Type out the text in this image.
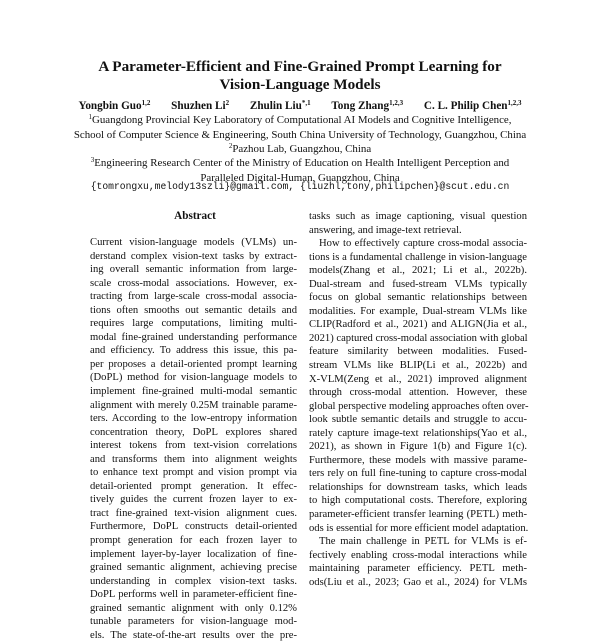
A Parameter-Efficient and Fine-Grained Prompt Learning for
Vision-Language Models
Yongbin Guo$^{1,2}$ Shuzhen Li$^2$ Zhulin Liu$^{*,1}$ Tong Zhang$^{1,2,3}$ C. L. Philip Chen$^{1,2,3}$
$^1$Guangdong Provincial Key Laboratory of Computational AI Models and Cognitive Intelligence,
School of Computer Science & Engineering, South China University of Technology, Guangzhou, China
$^2$Pazhou Lab, Guangzhou, China
$^3$Engineering Research Center of the Ministry of Education on Health Intelligent Perception and
Paralleled Digital-Human, Guangzhou, China
{tomrongxu,melody13szli}@gmail.com, {liuzhl,tony,philipchen}@scut.edu.cn
Abstract
Current vision-language models (VLMs) un-
derstand complex vision-text tasks by extract-
ing overall semantic information from large-
scale cross-modal associations. However, ex-
tracting from large-scale cross-modal associa-
tions often smooths out semantic details and
requires large computations, limiting multi-
modal fine-grained understanding performance
and efficiency. To address this issue, this pa-
per proposes a detail-oriented prompt learning
(DoPL) method for vision-language models to
implement fine-grained multi-modal semantic
alignment with merely 0.25M trainable parame-
ters. According to the low-entropy information
concentration theory, DoPL explores shared
interest tokens from text-vision correlations
and transforms them into alignment weights
to enhance text prompt and vision prompt via
detail-oriented prompt generation. It effec-
tively guides the current frozen layer to ex-
tract fine-grained text-vision alignment cues.
Furthermore, DoPL constructs detail-oriented
prompt generation for each frozen layer to
implement layer-by-layer localization of fine-
grained semantic alignment, achieving precise
understanding in complex vision-text tasks.
DoPL performs well in parameter-efficient fine-
grained semantic alignment with only 0.12%
tunable parameters for vision-language mod-
els. The state-of-the-art results over the pre-
tasks such as image captioning, visual question
answering, and image-text retrieval.
How to effectively capture cross-modal associa-
tions is a fundamental challenge in vision-language
models(Zhang et al., 2021; Li et al., 2022b).
Dual-stream and fused-stream VLMs typically
focus on global semantic relationships between
modalities. For example, Dual-stream VLMs like
CLIP(Radford et al., 2021) and ALIGN(Jia et al.,
2021) captured cross-modal association with global
feature similarity between modalities. Fused-
stream VLMs like BLIP(Li et al., 2022b) and
X-VLM(Zeng et al., 2021) improved alignment
through cross-modal attention. However, these
global perspective modeling approaches often over-
look subtle semantic details and struggle to accu-
rately capture image-text relationships(Yao et al.,
2021), as shown in Figure 1(b) and Figure 1(c).
Furthermore, these models with massive parame-
ters rely on full fine-tuning to capture cross-modal
relationships for downstream tasks, which leads
to high computational costs. Therefore, exploring
parameter-efficient transfer learning (PETL) meth-
ods is essential for more efficient model adaptation.
The main challenge in PETL for VLMs is ef-
fectively enabling cross-modal interactions while
maintaining parameter efficiency. PETL meth-
ods(Liu et al., 2023; Gao et al., 2024) for VLMs
